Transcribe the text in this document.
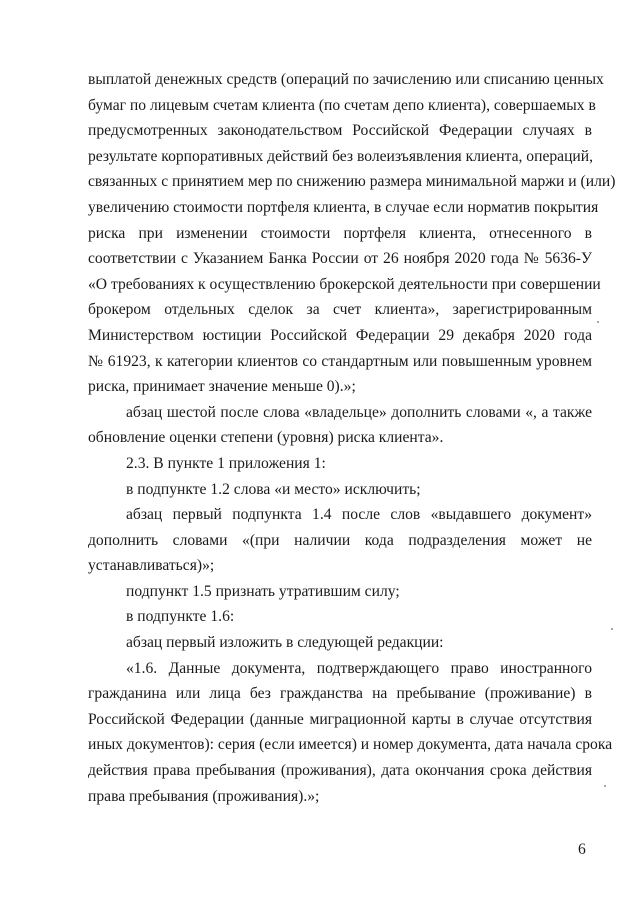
выплатой денежных средств (операций по зачислению или списанию ценных
бумаг по лицевым счетам клиента (по счетам депо клиента), совершаемых в
предусмотренных законодательством Российской Федерации случаях в
результате корпоративных действий без волеизъявления клиента, операций,
связанных с принятием мер по снижению размера минимальной маржи и (или)
увеличению стоимости портфеля клиента, в случае если норматив покрытия
риска при изменении стоимости портфеля клиента, отнесенного в
соответствии с Указанием Банка России от 26 ноября 2020 года № 5636-У
«О требованиях к осуществлению брокерской деятельности при совершении
брокером отдельных сделок за счет клиента», зарегистрированным
Министерством юстиции Российской Федерации 29 декабря 2020 года
№ 61923, к категории клиентов со стандартным или повышенным уровнем
риска, принимает значение меньше 0).»;

абзац шестой после слова «владельце» дополнить словами «, а также
обновление оценки степени (уровня) риска клиента».

2.3. В пункте 1 приложения 1:

в подпункте 1.2 слова «и место» исключить;

абзац первый подпункта 1.4 после слов «выдавшего документ»
дополнить словами «(при наличии кода подразделения может не
устанавливаться)»;

подпункт 1.5 признать утратившим силу;

в подпункте 1.6:

абзац первый изложить в следующей редакции:

«1.6. Данные документа, подтверждающего право иностранного
гражданина или лица без гражданства на пребывание (проживание) в
Российской Федерации (данные миграционной карты в случае отсутствия
иных документов): серия (если имеется) и номер документа, дата начала срока
действия права пребывания (проживания), дата окончания срока действия
права пребывания (проживания).»;

6
